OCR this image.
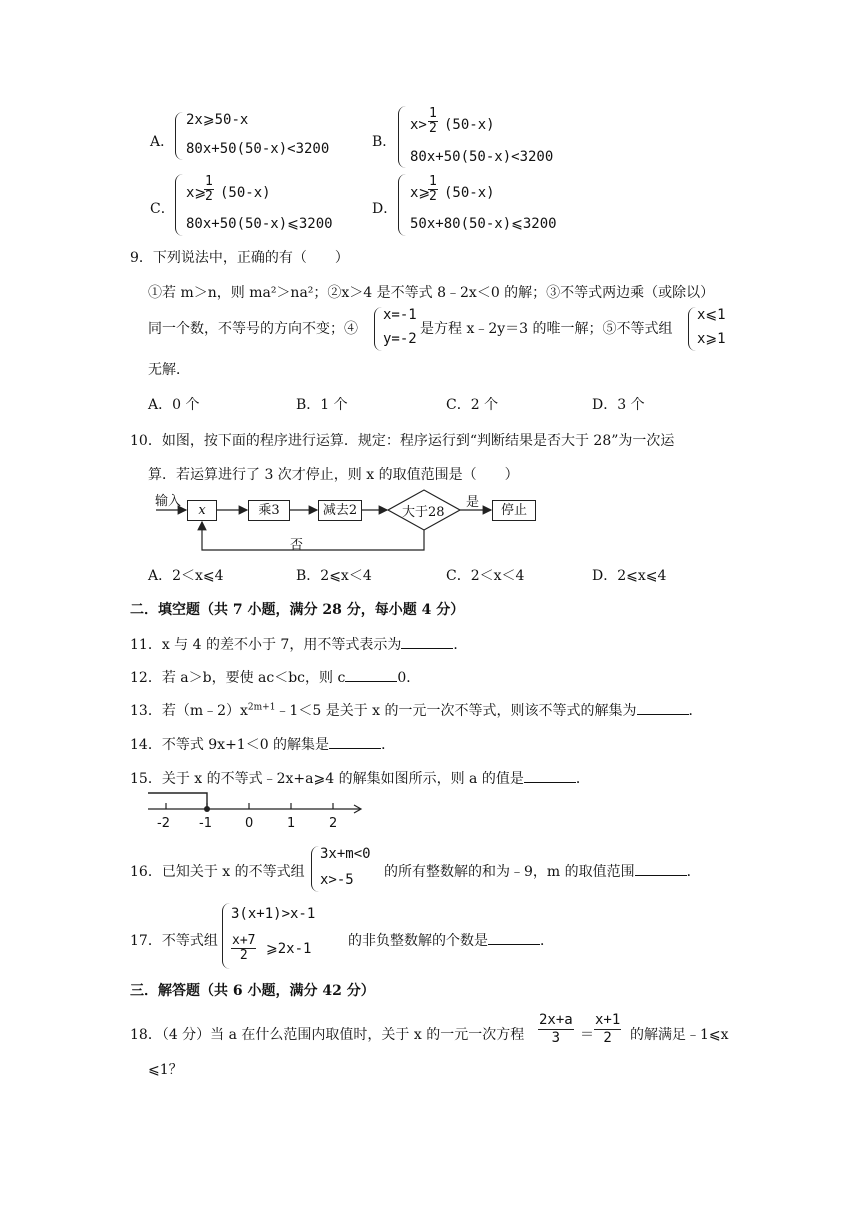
A．
2x⩾50-x
80x+50(50-x)<3200	B．
$x> \frac{1}{2} (50-x)$
80x+50(50-x)<3200
C．
x⩾
$\frac{1}{2} (50-x)$
80x+50(50-x)⩽3200
D．
x⩾
$\frac{1}{2} (50-x)$
50x+80(50-x)⩽3200
9．下列说法中，正确的有（　　）
①若 m＞n，则 ma²＞na²；②x＞4 是不等式 8﹣2x＜0 的解；③不等式两边乘（或除以）
同一个数，不等号的方向不变；④
x=-1
y=-2
是方程 x﹣2y＝3 的唯一解；⑤不等式组
x⩽1
x⩾1
无解．
A．0 个	B．1 个	C．2 个	D．3 个
10．如图，按下面的程序进行运算．规定：程序运行到“判断结果是否大于 28”为一次运
算．若运算进行了 3 次才停止，则 x 的取值范围是（　　）
输入
x	乘3	减去2	大于28
是
停止
否
A．2＜x⩽4	B．2⩽x＜4	C．2＜x＜4	D．2⩽x⩽4
二．填空题（共 7 小题，满分 28 分，每小题 4 分）
11．x 与 4 的差不小于 7，用不等式表示为	．
12．若 a＞b，要使 ac＜bc，则 c	0．
13．若$(m﹣2)x^{2m+1}﹣1<5$ 是关于 x 的一元一次不等式，则该不等式的解集为	．
14．不等式 9x+1＜0 的解集是	．
15．关于 x 的不等式﹣2x+a⩾4 的解集如图所示，则 a 的值是	．
-2 -1	0	1	2
16．已知关于 x 的不等式组
3x+m<0
x>-5 的所有整数解的和为﹣9，m 的取值范围	．
17．不等式组
3(x+1)>x-1
$\frac{x+7}{2}$ ⩾2x-1	的非负整数解的个数是	．
三．解答题（共 6 小题，满分 42 分）
18．（4 分）当 a 在什么范围内取值时，关于 x 的一元一次方程 $\frac{2x+a}{3} = \frac{x+1}{2}$ 的解满足﹣1⩽x
⩽1？
